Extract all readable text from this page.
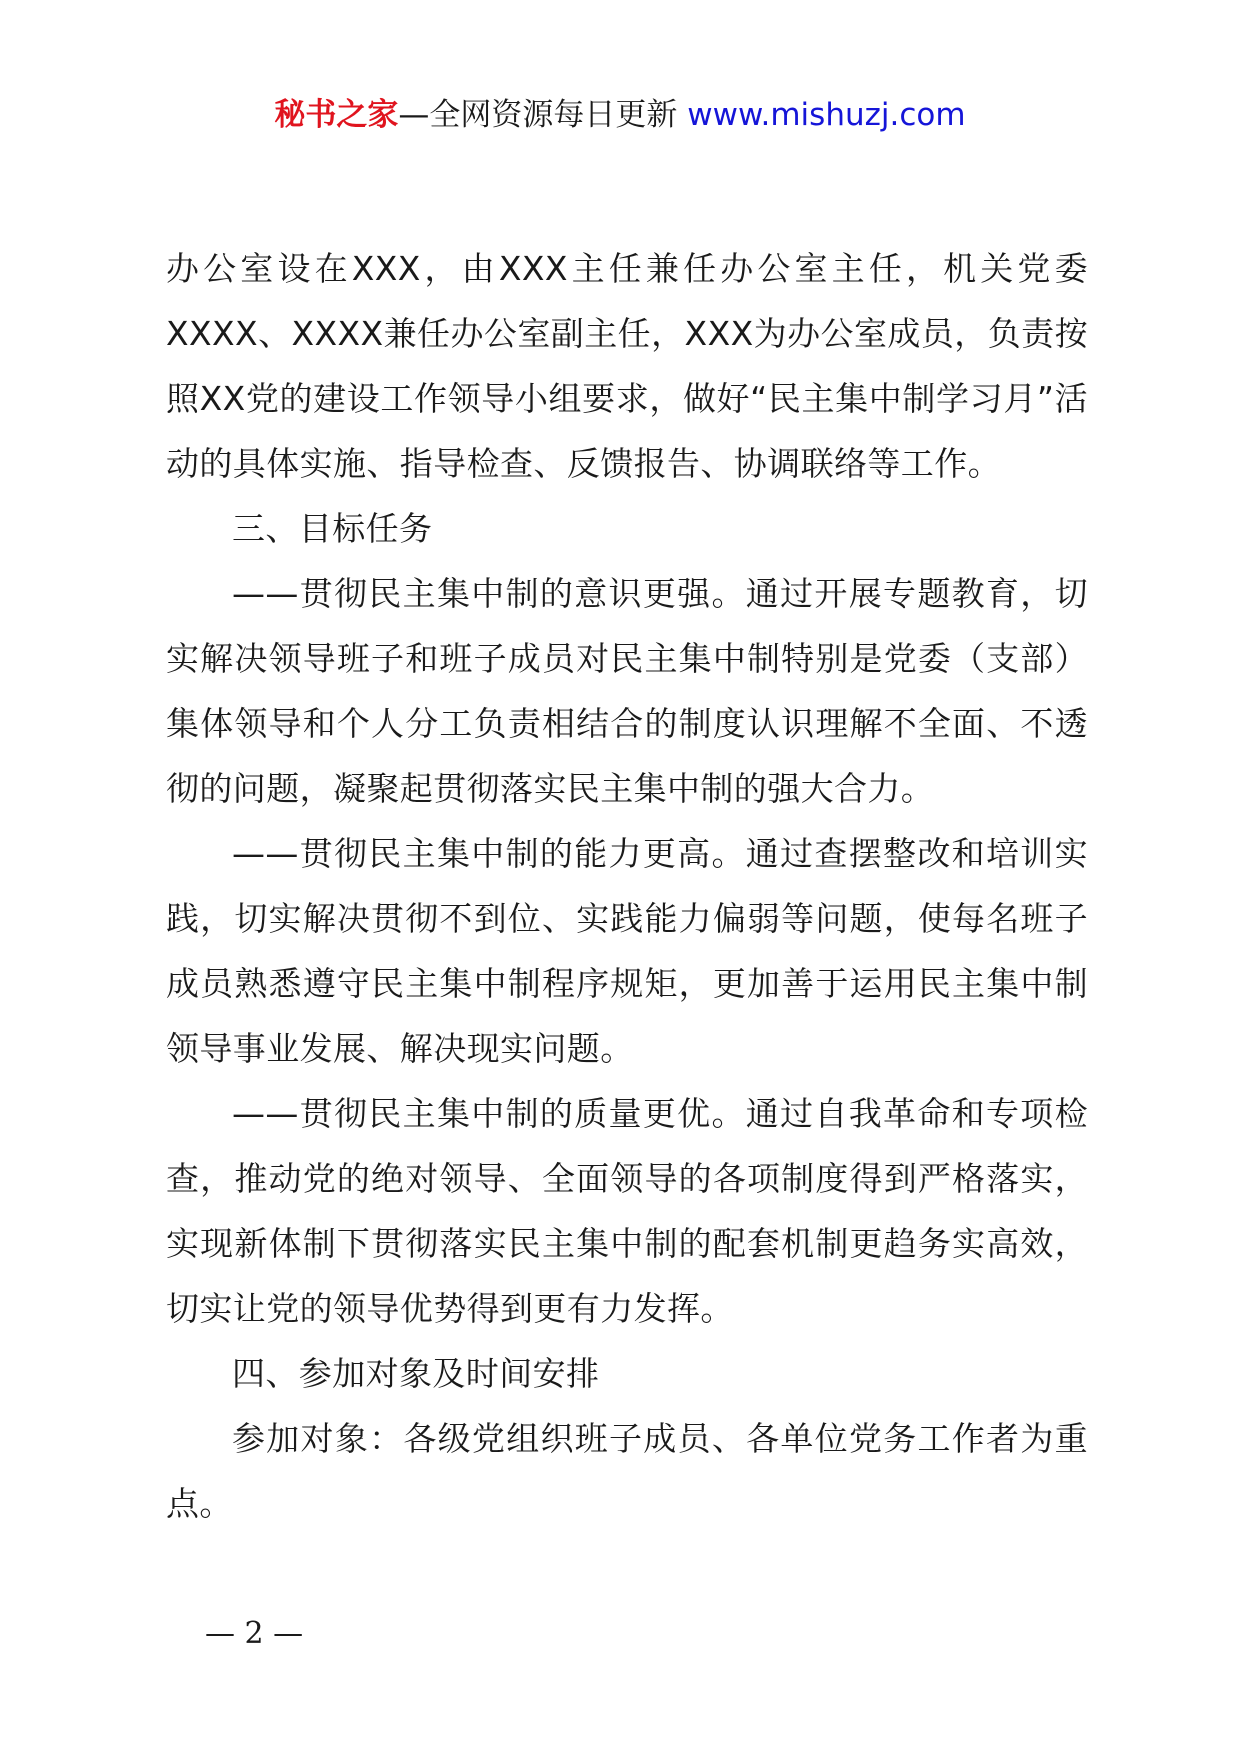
秘书之家—全网资源每日更新 www.mishuzj.com

办公室设在XXX，由XXX主任兼任办公室主任，机关党委XXXX、XXXX兼任办公室副主任，XXX为办公室成员，负责按照XX党的建设工作领导小组要求，做好“民主集中制学习月”活动的具体实施、指导检查、反馈报告、协调联络等工作。

三、目标任务

——贯彻民主集中制的意识更强。通过开展专题教育，切实解决领导班子和班子成员对民主集中制特别是党委（支部）集体领导和个人分工负责相结合的制度认识理解不全面、不透彻的问题，凝聚起贯彻落实民主集中制的强大合力。

——贯彻民主集中制的能力更高。通过查摆整改和培训实践，切实解决贯彻不到位、实践能力偏弱等问题，使每名班子成员熟悉遵守民主集中制程序规矩，更加善于运用民主集中制领导事业发展、解决现实问题。

——贯彻民主集中制的质量更优。通过自我革命和专项检查，推动党的绝对领导、全面领导的各项制度得到严格落实，实现新体制下贯彻落实民主集中制的配套机制更趋务实高效，切实让党的领导优势得到更有力发挥。

四、参加对象及时间安排

参加对象：各级党组织班子成员、各单位党务工作者为重点。

— 2 —
